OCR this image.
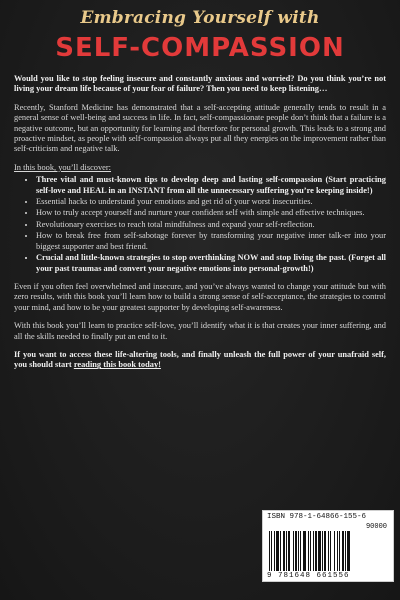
Embracing Yourself with
SELF-COMPASSION

Would you like to stop feeling insecure and constantly anxious and worried? Do you think you’re not living your dream life because of your fear of failure? Then you need to keep listening…

Recently, Stanford Medicine has demonstrated that a self-accepting attitude generally tends to result in a general sense of well-being and success in life. In fact, self-compassionate people don’t think that a failure is a negative outcome, but an opportunity for learning and therefore for personal growth. This leads to a strong and proactive mindset, as people with self-compassion always put all they energies on the improvement rather than self-criticism and negative talk.

In this book, you’ll discover:

• Three vital and must-known tips to develop deep and lasting self-compassion (Start practicing self-love and HEAL in an INSTANT from all the unnecessary suffering you’re keeping inside!)
• Essential hacks to understand your emotions and get rid of your worst insecurities.
• How to truly accept yourself and nurture your confident self with simple and effective techniques.
• Revolutionary exercises to reach total mindfulness and expand your self-reflection.
• How to break free from self-sabotage forever by transforming your negative inner talk-er into your biggest supporter and best friend.
• Crucial and little-known strategies to stop overthinking NOW and stop living the past. (Forget all your past traumas and convert your negative emotions into personal-growth!)

Even if you often feel overwhelmed and insecure, and you’ve always wanted to change your attitude but with zero results, with this book you’ll learn how to build a strong sense of self-acceptance, the strategies to control your mind, and how to be your greatest supporter by developing self-awareness.

With this book you’ll learn to practice self-love, you’ll identify what it is that creates your inner suffering, and all the skills needed to finally put an end to it.

If you want to access these life-altering tools, and finally unleash the full power of your unafraid self, you should start reading this book today!

ISBN 978-1-64866-155-6
90000
9 781648 661556
